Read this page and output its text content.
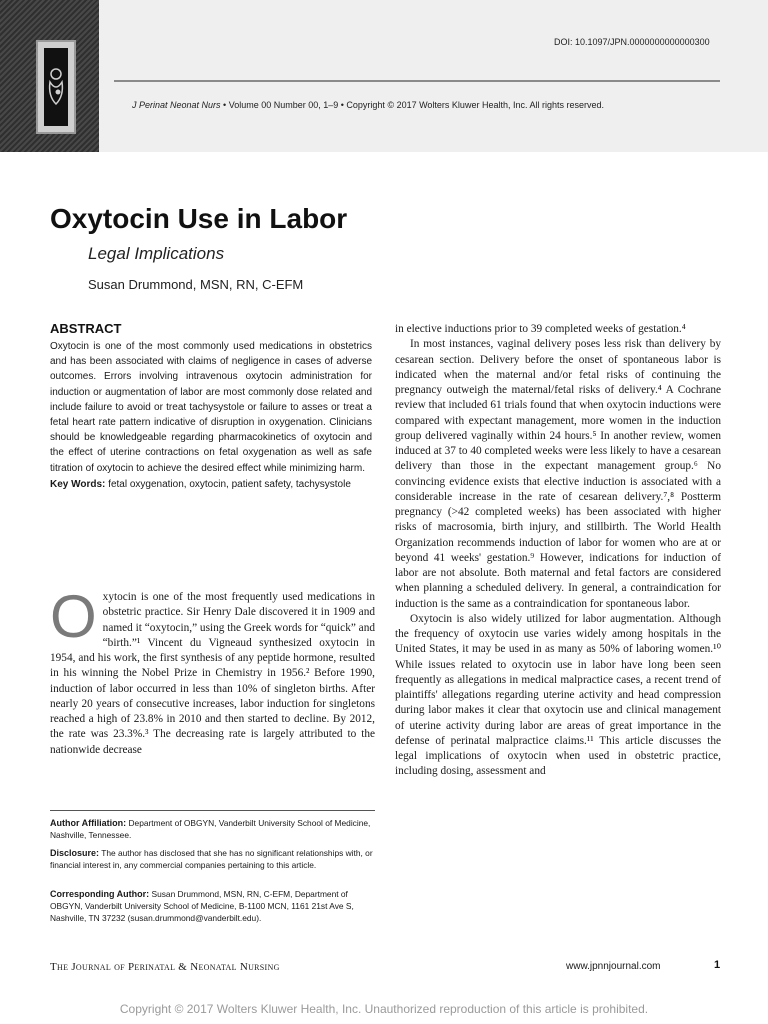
DOI: 10.1097/JPN.0000000000000300
J Perinat Neonat Nurs • Volume 00 Number 00, 1–9 • Copyright © 2017 Wolters Kluwer Health, Inc. All rights reserved.
Oxytocin Use in Labor
Legal Implications
Susan Drummond, MSN, RN, C-EFM
ABSTRACT

Oxytocin is one of the most commonly used medications in obstetrics and has been associated with claims of negligence in cases of adverse outcomes. Errors involving intravenous oxytocin administration for induction or augmentation of labor are most commonly dose related and include failure to avoid or treat tachysystole or failure to asses or treat a fetal heart rate pattern indicative of disruption in oxygenation. Clinicians should be knowledgeable regarding pharmacokinetics of oxytocin and the effect of uterine contractions on fetal oxygenation as well as safe titration of oxytocin to achieve the desired effect while minimizing harm.

Key Words: fetal oxygenation, oxytocin, patient safety, tachysystole

O xytocin is one of the most frequently used medications in obstetric practice. Sir Henry Dale discovered it in 1909 and named it “oxytocin,” using the Greek words for “quick” and “birth.”¹ Vincent du Vigneaud synthesized oxytocin in 1954, and his work, the first synthesis of any peptide hormone, resulted in his winning the Nobel Prize in Chemistry in 1956.² Before 1990, induction of labor occurred in less than 10% of singleton births. After nearly 20 years of consecutive increases, labor induction for singletons reached a high of 23.8% in 2010 and then started to decline. By 2012, the rate was 23.3%.³ The decreasing rate is largely attributed to the nationwide decrease

Author Affiliation: Department of OBGYN, Vanderbilt University School of Medicine, Nashville, Tennessee.

Disclosure: The author has disclosed that she has no significant relationships with, or financial interest in, any commercial companies pertaining to this article.

Corresponding Author: Susan Drummond, MSN, RN, C-EFM, Department of OBGYN, Vanderbilt University School of Medicine, B-1100 MCN, 1161 21st Ave S, Nashville, TN 37232 (susan.drummond@vanderbilt.edu).

in elective inductions prior to 39 completed weeks of gestation.⁴

In most instances, vaginal delivery poses less risk than delivery by cesarean section. Delivery before the onset of spontaneous labor is indicated when the maternal and/or fetal risks of continuing the pregnancy outweigh the maternal/fetal risks of delivery.⁴ A Cochrane review that included 61 trials found that when oxytocin inductions were compared with expectant management, more women in the induction group delivered vaginally within 24 hours.⁵ In another review, women induced at 37 to 40 completed weeks were less likely to have a cesarean delivery than those in the expectant management group.⁶ No convincing evidence exists that elective induction is associated with a considerable increase in the rate of cesarean delivery.⁷,⁸ Postterm pregnancy (>42 completed weeks) has been associated with higher risks of macrosomia, birth injury, and stillbirth. The World Health Organization recommends induction of labor for women who are at or beyond 41 weeks' gestation.⁹ However, indications for induction of labor are not absolute. Both maternal and fetal factors are considered when planning a scheduled delivery. In general, a contraindication for induction is the same as a contraindication for spontaneous labor.

Oxytocin is also widely utilized for labor augmentation. Although the frequency of oxytocin use varies widely among hospitals in the United States, it may be used in as many as 50% of laboring women.¹⁰ While issues related to oxytocin use in labor have long been seen frequently as allegations in medical malpractice cases, a recent trend of plaintiffs' allegations regarding uterine activity and head compression during labor makes it clear that oxytocin use and clinical management of uterine activity during labor are areas of great importance in the defense of perinatal malpractice claims.¹¹ This article discusses the legal implications of oxytocin when used in obstetric practice, including dosing, assessment and

The Journal of Perinatal & Neonatal Nursing	www.jpnnjournal.com	1
Copyright © 2017 Wolters Kluwer Health, Inc. Unauthorized reproduction of this article is prohibited.
